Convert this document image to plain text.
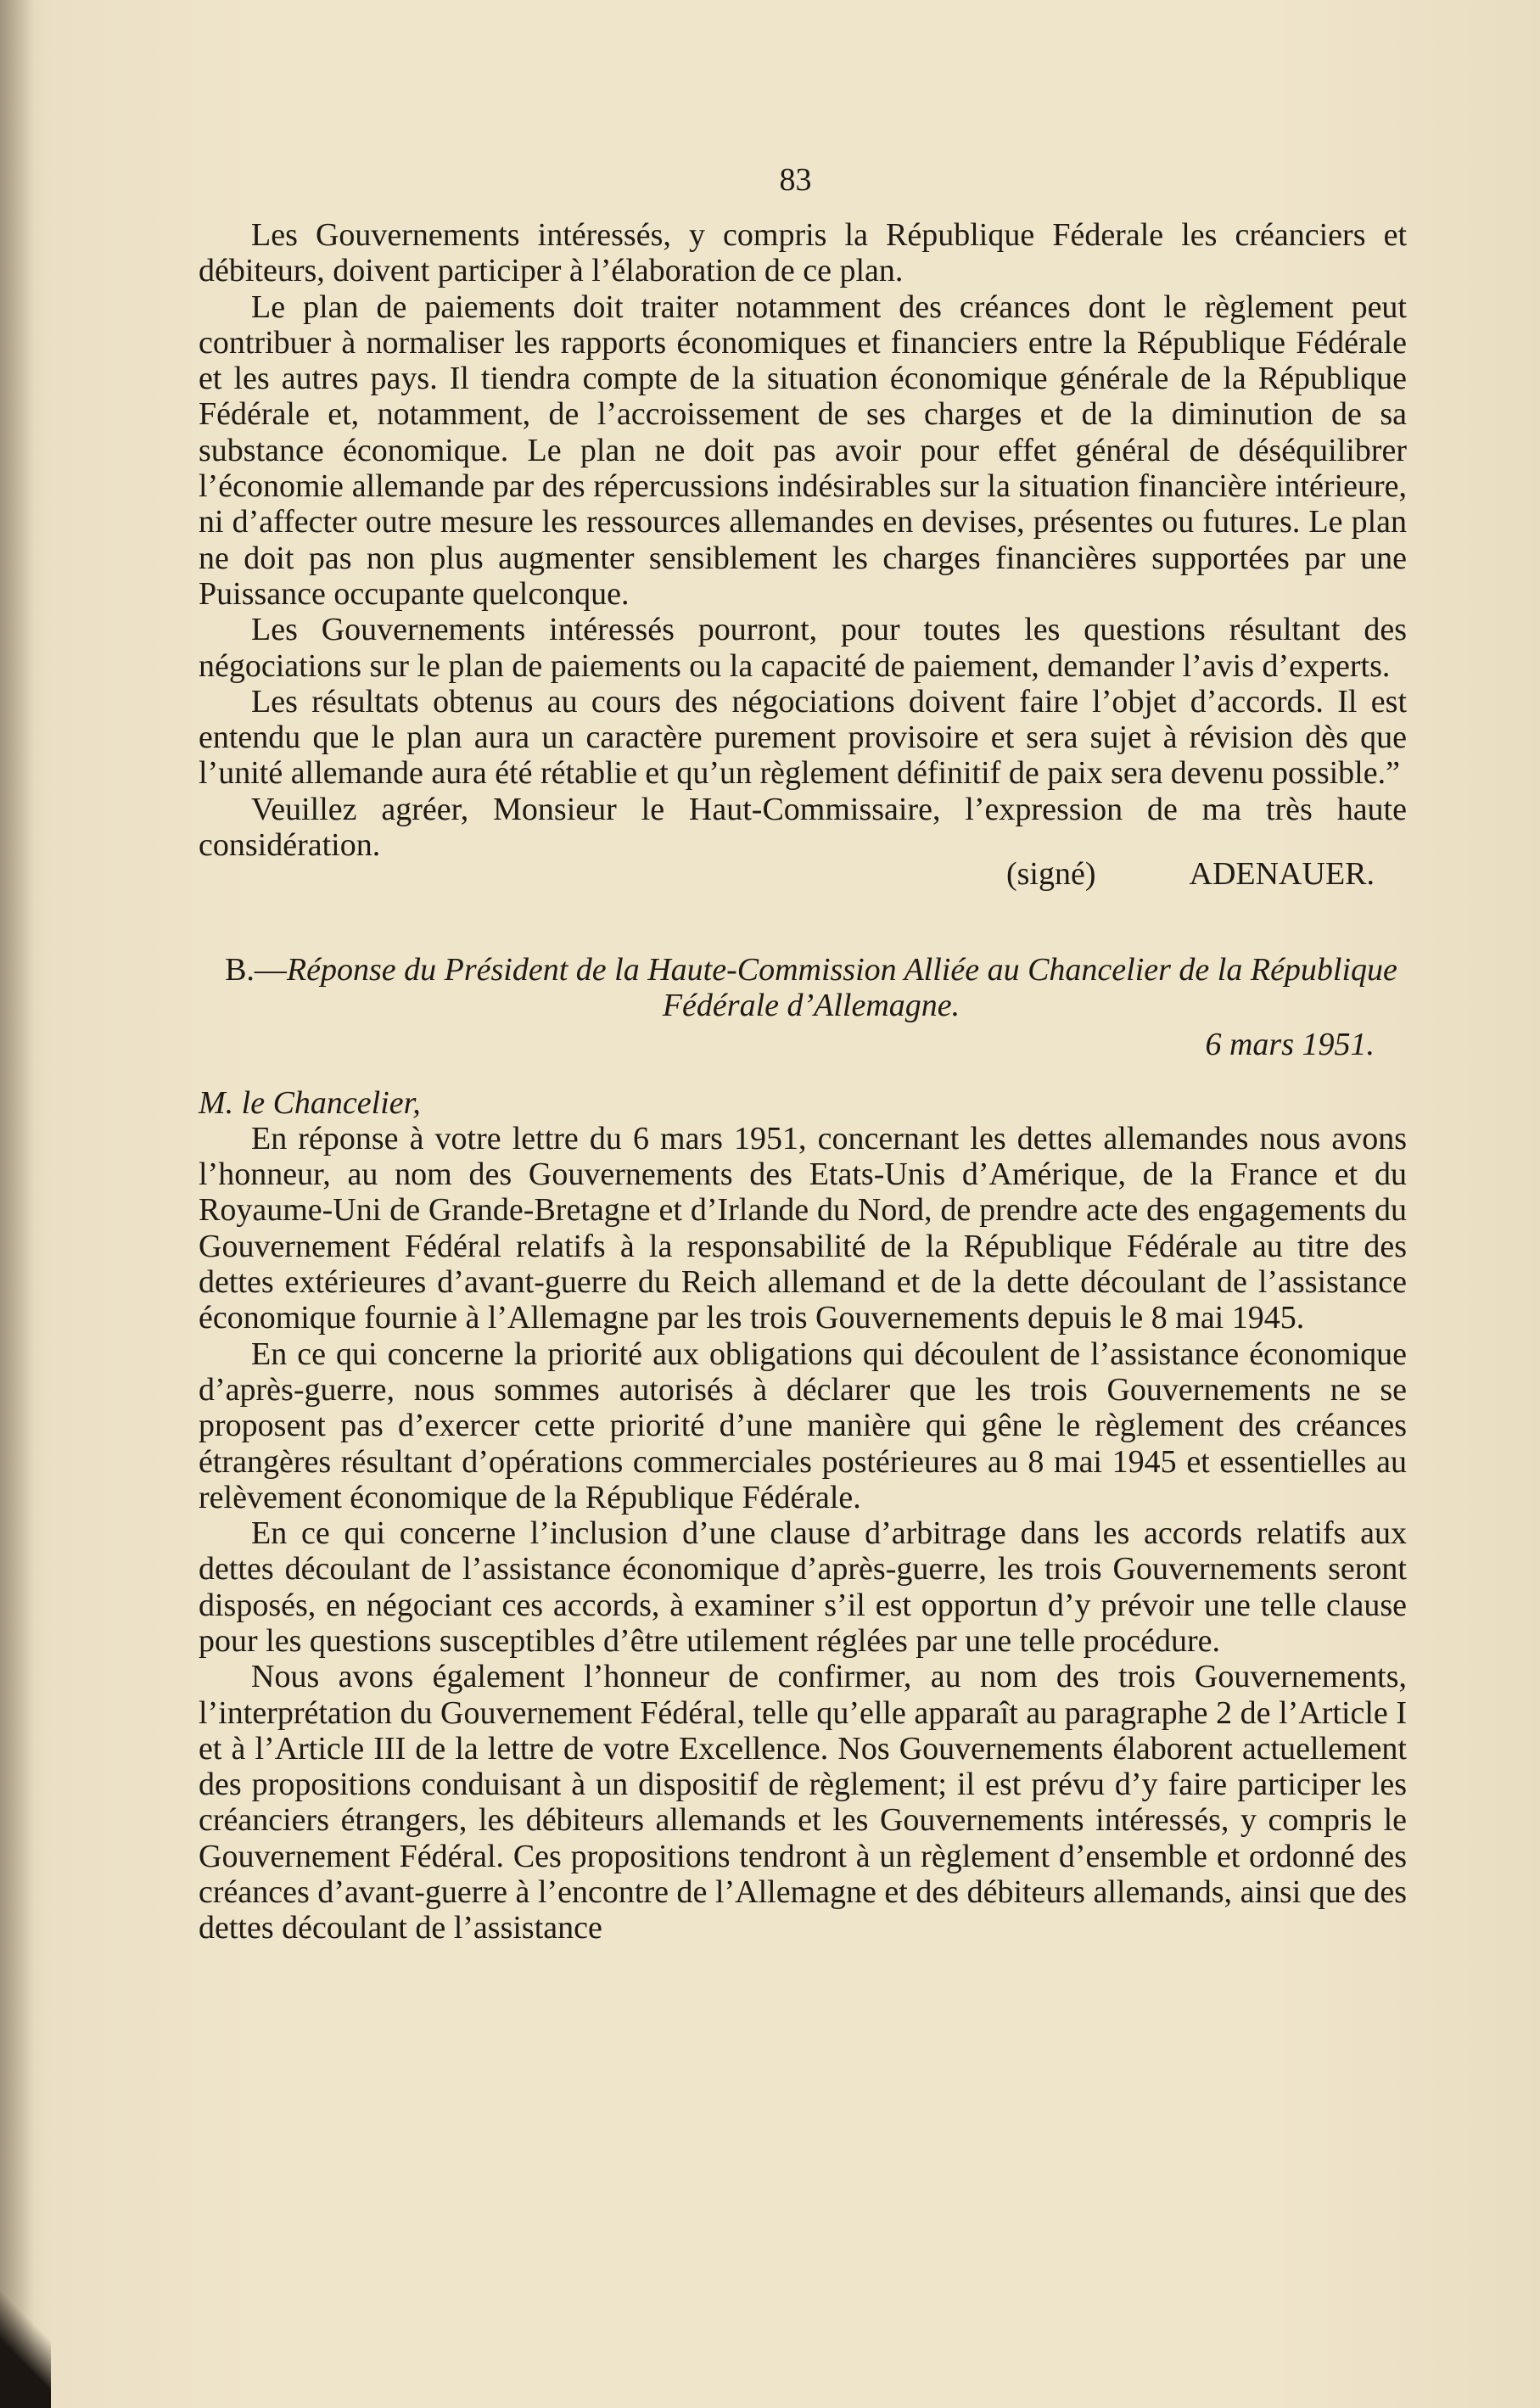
83

Les Gouvernements intéressés, y compris la République Féderale les créanciers et débiteurs, doivent participer à l’élaboration de ce plan.

Le plan de paiements doit traiter notamment des créances dont le règlement peut contribuer à normaliser les rapports économiques et financiers entre la République Fédérale et les autres pays. Il tiendra compte de la situation économique générale de la République Fédérale et, notamment, de l’accroissement de ses charges et de la diminution de sa substance économique. Le plan ne doit pas avoir pour effet général de déséquilibrer l’économie allemande par des répercussions indésirables sur la situation financière intérieure, ni d’affecter outre mesure les ressources allemandes en devises, présentes ou futures. Le plan ne doit pas non plus augmenter sensiblement les charges financières supportées par une Puissance occupante quelconque.

Les Gouvernements intéressés pourront, pour toutes les questions résultant des négociations sur le plan de paiements ou la capacité de paiement, demander l’avis d’experts.

Les résultats obtenus au cours des négociations doivent faire l’objet d’accords. Il est entendu que le plan aura un caractère purement provisoire et sera sujet à révision dès que l’unité allemande aura été rétablie et qu’un règlement définitif de paix sera devenu possible.”

Veuillez agréer, Monsieur le Haut-Commissaire, l’expression de ma très haute considération.

(signé)	ADENAUER.
B.—Réponse du Président de la Haute-Commission Alliée au Chancelier de la République Fédérale d’Allemagne.
6 mars 1951.
M. le Chancelier,

En réponse à votre lettre du 6 mars 1951, concernant les dettes allemandes nous avons l’honneur, au nom des Gouvernements des Etats-Unis d’Amérique, de la France et du Royaume-Uni de Grande-Bretagne et d’Irlande du Nord, de prendre acte des engagements du Gouvernement Fédéral relatifs à la responsabilité de la République Fédérale au titre des dettes extérieures d’avant-guerre du Reich allemand et de la dette découlant de l’assistance économique fournie à l’Allemagne par les trois Gouvernements depuis le 8 mai 1945.

En ce qui concerne la priorité aux obligations qui découlent de l’assistance économique d’après-guerre, nous sommes autorisés à déclarer que les trois Gouvernements ne se proposent pas d’exercer cette priorité d’une manière qui gêne le règlement des créances étrangères résultant d’opérations commerciales postérieures au 8 mai 1945 et essentielles au relèvement économique de la République Fédérale.

En ce qui concerne l’inclusion d’une clause d’arbitrage dans les accords relatifs aux dettes découlant de l’assistance économique d’après-guerre, les trois Gouvernements seront disposés, en négociant ces accords, à examiner s’il est opportun d’y prévoir une telle clause pour les questions susceptibles d’être utilement réglées par une telle procédure.

Nous avons également l’honneur de confirmer, au nom des trois Gouvernements, l’interprétation du Gouvernement Fédéral, telle qu’elle apparaît au paragraphe 2 de l’Article I et à l’Article III de la lettre de votre Excellence. Nos Gouvernements élaborent actuellement des propositions conduisant à un dispositif de règlement; il est prévu d’y faire participer les créanciers étrangers, les débiteurs allemands et les Gouvernements intéressés, y compris le Gouvernement Fédéral. Ces propositions tendront à un règlement d’ensemble et ordonné des créances d’avant-guerre à l’encontre de l’Allemagne et des débiteurs allemands, ainsi que des dettes découlant de l’assistance
